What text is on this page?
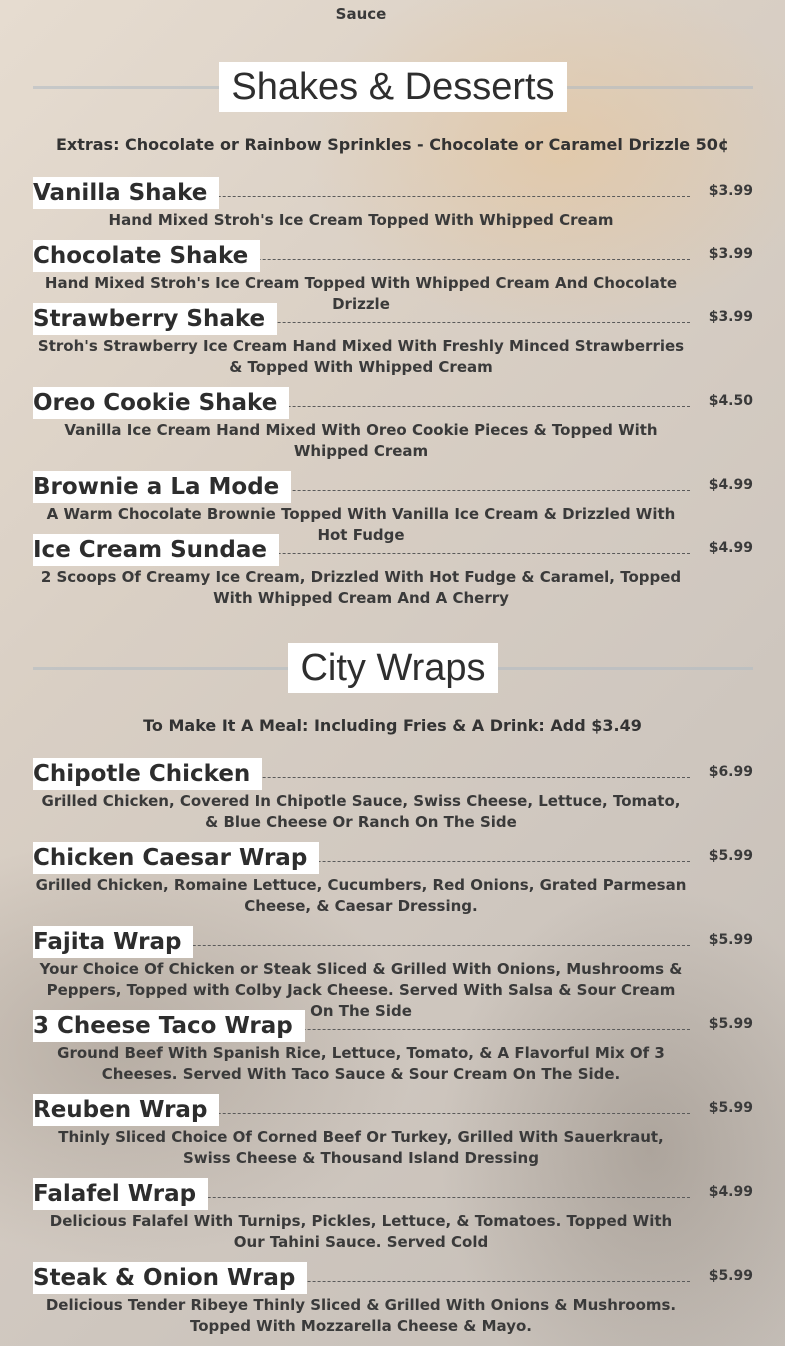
Sauce
Shakes & Desserts
Extras: Chocolate or Rainbow Sprinkles - Chocolate or Caramel Drizzle 50¢
Vanilla Shake	$3.99
Hand Mixed Stroh's Ice Cream Topped With Whipped Cream
Chocolate Shake	$3.99
Hand Mixed Stroh's Ice Cream Topped With Whipped Cream And Chocolate Drizzle
Strawberry Shake	$3.99
Stroh's Strawberry Ice Cream Hand Mixed With Freshly Minced Strawberries & Topped With Whipped Cream
Oreo Cookie Shake	$4.50
Vanilla Ice Cream Hand Mixed With Oreo Cookie Pieces & Topped With Whipped Cream
Brownie a La Mode	$4.99
A Warm Chocolate Brownie Topped With Vanilla Ice Cream & Drizzled With Hot Fudge
Ice Cream Sundae	$4.99
2 Scoops Of Creamy Ice Cream, Drizzled With Hot Fudge & Caramel, Topped With Whipped Cream And A Cherry
City Wraps
To Make It A Meal: Including Fries & A Drink: Add $3.49
Chipotle Chicken	$6.99
Grilled Chicken, Covered In Chipotle Sauce, Swiss Cheese, Lettuce, Tomato, & Blue Cheese Or Ranch On The Side
Chicken Caesar Wrap	$5.99
Grilled Chicken, Romaine Lettuce, Cucumbers, Red Onions, Grated Parmesan Cheese, & Caesar Dressing.
Fajita Wrap	$5.99
Your Choice Of Chicken or Steak Sliced & Grilled With Onions, Mushrooms & Peppers, Topped with Colby Jack Cheese. Served With Salsa & Sour Cream On The Side
3 Cheese Taco Wrap	$5.99
Ground Beef With Spanish Rice, Lettuce, Tomato, & A Flavorful Mix Of 3 Cheeses. Served With Taco Sauce & Sour Cream On The Side.
Reuben Wrap	$5.99
Thinly Sliced Choice Of Corned Beef Or Turkey, Grilled With Sauerkraut, Swiss Cheese & Thousand Island Dressing
Falafel Wrap	$4.99
Delicious Falafel With Turnips, Pickles, Lettuce, & Tomatoes. Topped With Our Tahini Sauce. Served Cold
Steak & Onion Wrap	$5.99
Delicious Tender Ribeye Thinly Sliced & Grilled With Onions & Mushrooms. Topped With Mozzarella Cheese & Mayo.
